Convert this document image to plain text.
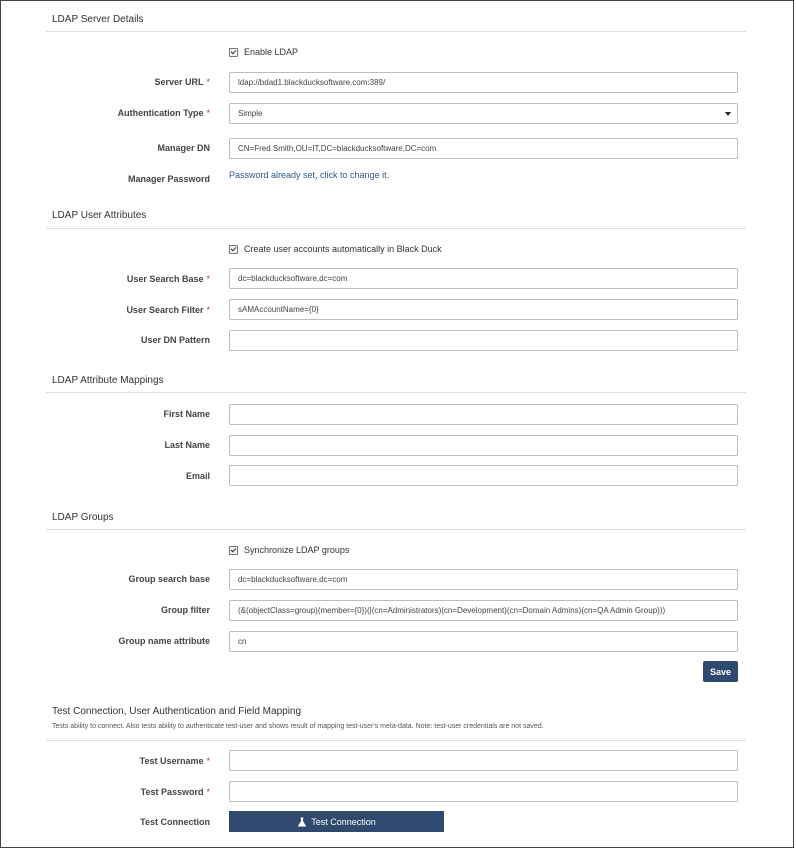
LDAP Server Details
Enable LDAP
Server URL *	ldap://bdad1.blackducksoftware.com:389/
Authentication Type *	Simple
Manager DN	CN=Fred Smith,OU=IT,DC=blackducksoftware,DC=com
Manager Password Password already set, click to change it.
LDAP User Attributes
Create user accounts automatically in Black Duck
User Search Base *	dc=blackducksoftware,dc=com
User Search Filter *	sAMAccountName={0}
User DN Pattern
LDAP Attribute Mappings
First Name
Last Name
Email
LDAP Groups
Synchronize LDAP groups
Group search base	dc=blackducksoftware,dc=com
Group filter	(&(objectClass=group)(member={0})(|(cn=Administrators)(cn=Development)(cn=Domain Admins)(cn=QA Admin Group)))
Group name attribute	cn
Save
Test Connection, User Authentication and Field Mapping
Tests ability to connect. Also tests ability to authenticate test-user and shows result of mapping test-user's meta-data. Note: test-user credentials are not saved.
Test Username *
Test Password *
Test Connection	Test Connection
